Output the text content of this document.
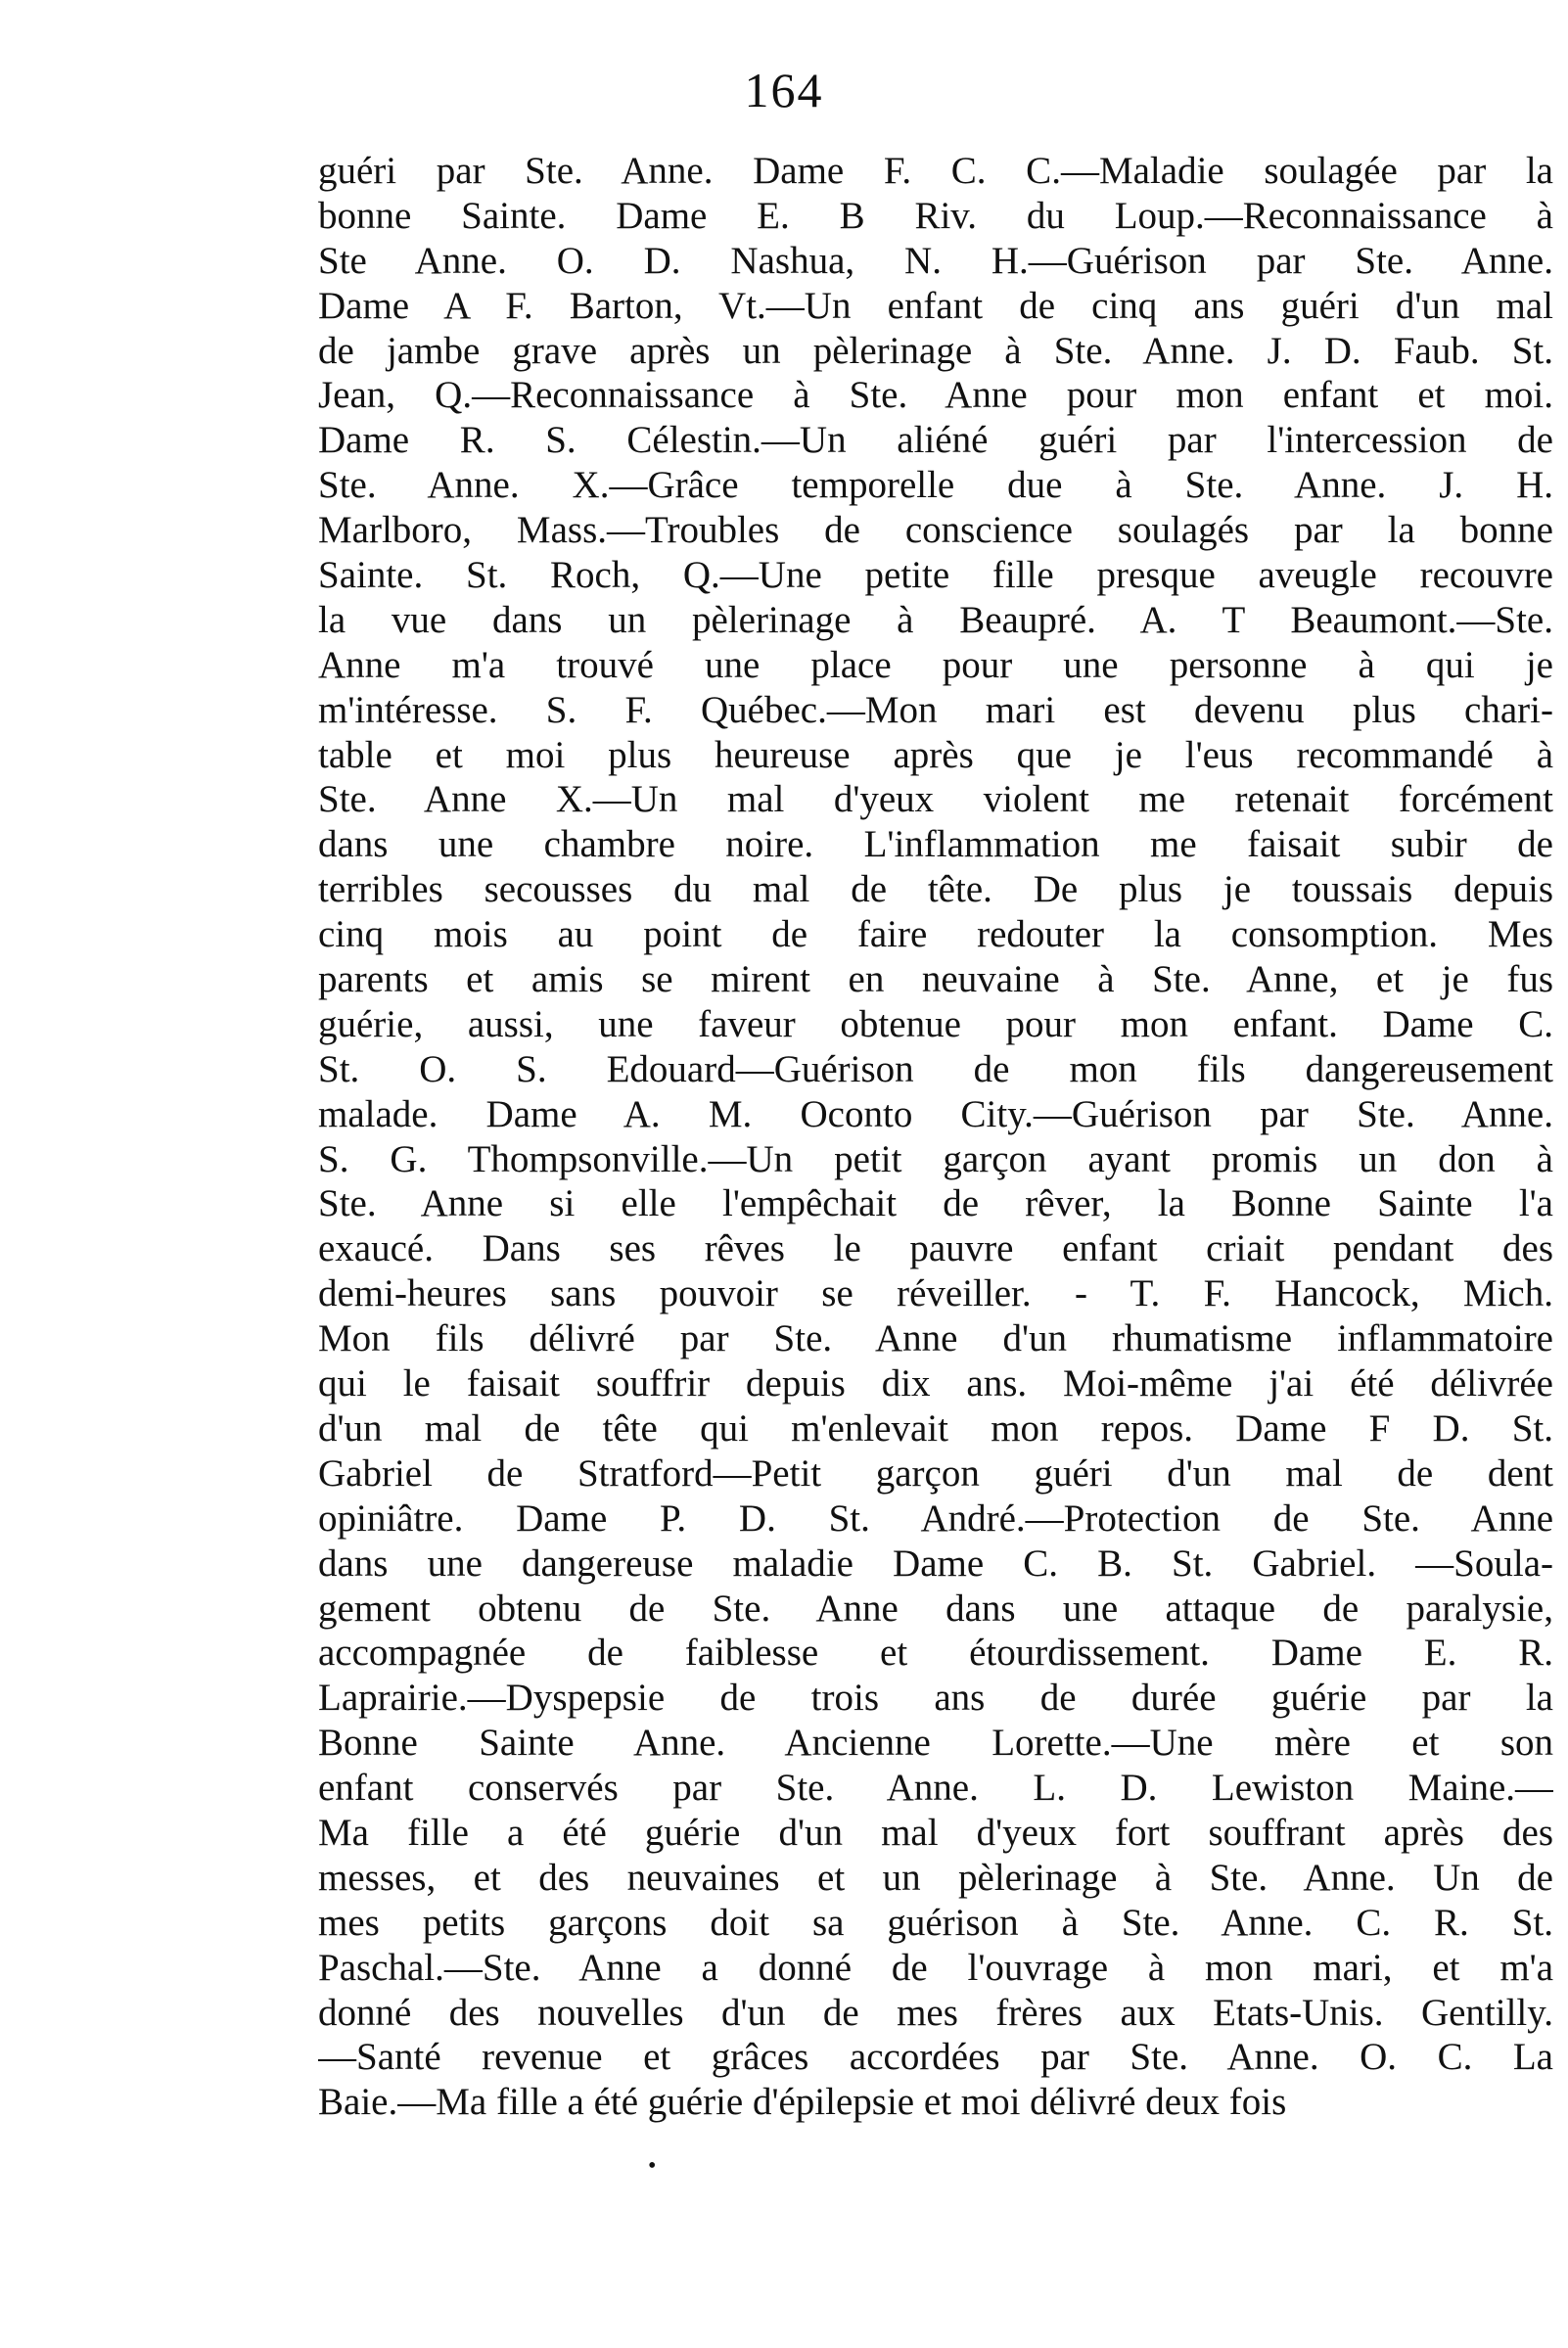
164
guéri par Ste. Anne. Dame F. C. C.—Maladie soulagée par la
bonne Sainte. Dame E. B Riv. du Loup.—Reconnaissance à
Ste Anne. O. D. Nashua, N. H.—Guérison par Ste. Anne.
Dame A F. Barton, Vt.—Un enfant de cinq ans guéri d'un mal
de jambe grave après un pèlerinage à Ste. Anne. J. D. Faub. St.
Jean, Q.—Reconnaissance à Ste. Anne pour mon enfant et moi.
Dame R. S. Célestin.—Un aliéné guéri par l'intercession de
Ste. Anne. X.—Grâce temporelle due à Ste. Anne. J. H.
Marlboro, Mass.—Troubles de conscience soulagés par la bonne
Sainte. St. Roch, Q.—Une petite fille presque aveugle recouvre
la vue dans un pèlerinage à Beaupré. A. T Beaumont.—Ste.
Anne m'a trouvé une place pour une personne à qui je
m'intéresse. S. F. Québec.—Mon mari est devenu plus chari-
table et moi plus heureuse après que je l'eus recommandé à
Ste. Anne X.—Un mal d'yeux violent me retenait forcément
dans une chambre noire. L'inflammation me faisait subir de
terribles secousses du mal de tête. De plus je toussais depuis
cinq mois au point de faire redouter la consomption. Mes
parents et amis se mirent en neuvaine à Ste. Anne, et je fus
guérie, aussi, une faveur obtenue pour mon enfant. Dame C.
St. O. S. Edouard—Guérison de mon fils dangereusement
malade. Dame A. M. Oconto City.—Guérison par Ste. Anne.
S. G. Thompsonville.—Un petit garçon ayant promis un don à
Ste. Anne si elle l'empêchait de rêver, la Bonne Sainte l'a
exaucé. Dans ses rêves le pauvre enfant criait pendant des
demi-heures sans pouvoir se réveiller. - T. F. Hancock, Mich.
Mon fils délivré par Ste. Anne d'un rhumatisme inflammatoire
qui le faisait souffrir depuis dix ans. Moi-même j'ai été délivrée
d'un mal de tête qui m'enlevait mon repos. Dame F D. St.
Gabriel de Stratford—Petit garçon guéri d'un mal de dent
opiniâtre. Dame P. D. St. André.—Protection de Ste. Anne
dans une dangereuse maladie Dame C. B. St. Gabriel. —Soula-
gement obtenu de Ste. Anne dans une attaque de paralysie,
accompagnée de faiblesse et étourdissement. Dame E. R.
Laprairie.—Dyspepsie de trois ans de durée guérie par la
Bonne Sainte Anne. Ancienne Lorette.—Une mère et son
enfant conservés par Ste. Anne. L. D. Lewiston Maine.—
Ma fille a été guérie d'un mal d'yeux fort souffrant après des
messes, et des neuvaines et un pèlerinage à Ste. Anne. Un de
mes petits garçons doit sa guérison à Ste. Anne. C. R. St.
Paschal.—Ste. Anne a donné de l'ouvrage à mon mari, et m'a
donné des nouvelles d'un de mes frères aux Etats-Unis. Gentilly.
—Santé revenue et grâces accordées par Ste. Anne. O. C. La
Baie.—Ma fille a été guérie d'épilepsie et moi délivré deux fois
•
